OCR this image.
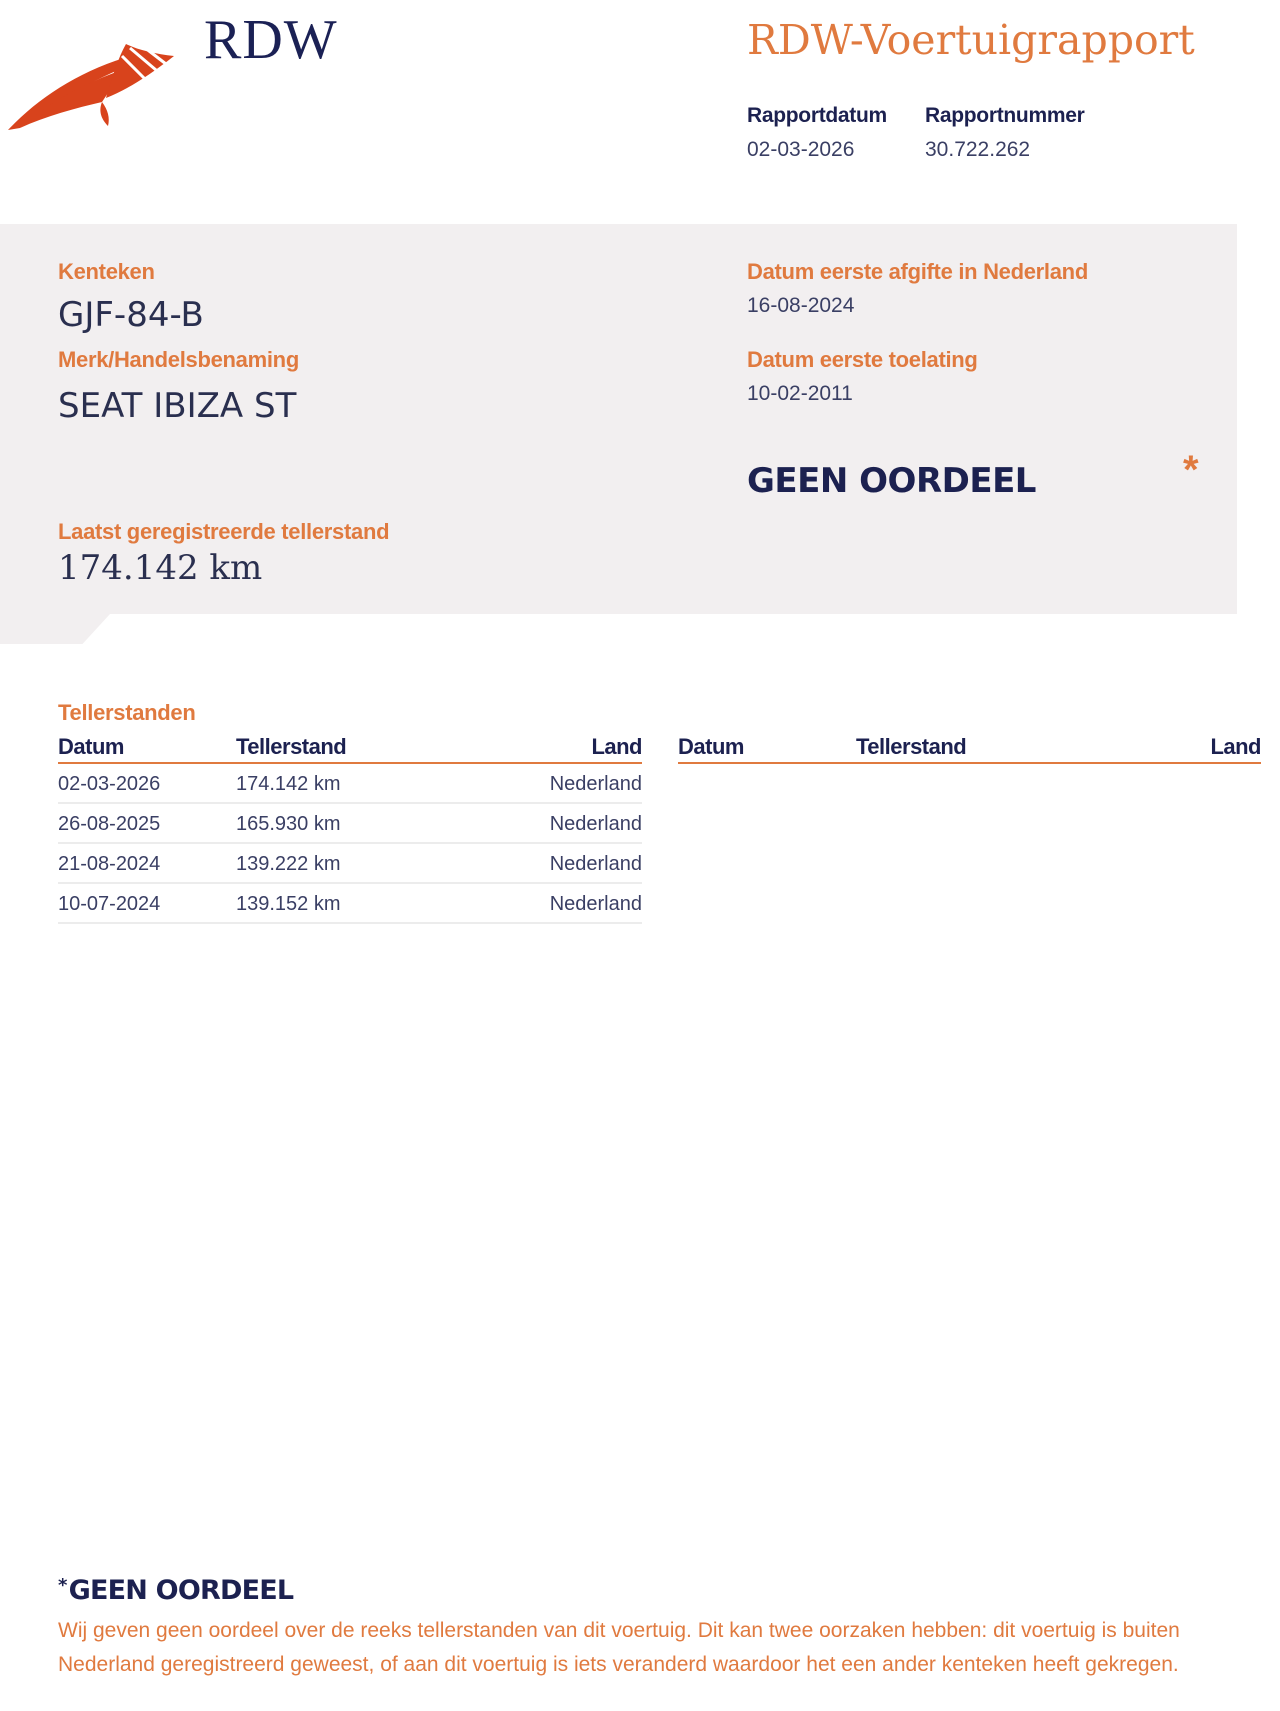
RDW	RDW-Voertuigrapport
Rapportdatum
02-03-2026
Rapportnummer
30.722.262
Kenteken
GJF-84-B
Merk/Handelsbenaming
SEAT IBIZA ST
Datum eerste afgifte in Nederland
16-08-2024
Datum eerste toelating
10-02-2011
GEEN OORDEEL	*
Laatst geregistreerde tellerstand
174.142 km
Tellerstanden
Datum	Tellerstand	Land
02-03-2026	174.142 km	Nederland
26-08-2025	165.930 km	Nederland
21-08-2024	139.222 km	Nederland
10-07-2024	139.152 km	Nederland
Datum	Tellerstand	Land
*GEEN OORDEEL
Wij geven geen oordeel over de reeks tellerstanden van dit voertuig. Dit kan twee oorzaken hebben: dit voertuig is buiten Nederland geregistreerd geweest, of aan dit voertuig is iets veranderd waardoor het een ander kenteken heeft gekregen.
